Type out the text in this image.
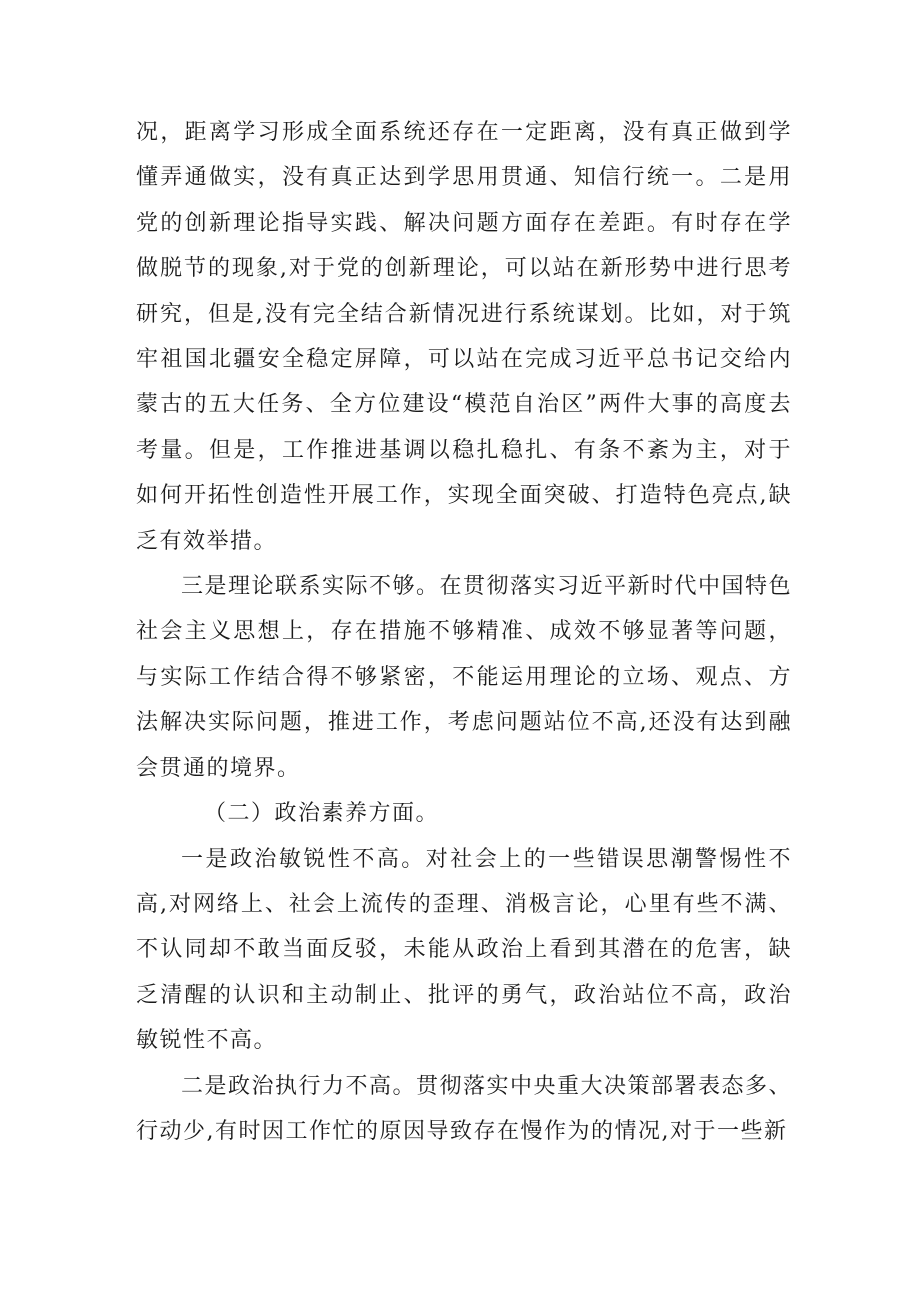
况，距离学习形成全面系统还存在一定距离，没有真正做到学懂弄通做实，没有真正达到学思用贯通、知信行统一。二是用党的创新理论指导实践、解决问题方面存在差距。有时存在学做脱节的现象,对于党的创新理论，可以站在新形势中进行思考研究，但是,没有完全结合新情况进行系统谋划。比如，对于筑牢祖国北疆安全稳定屏障，可以站在完成习近平总书记交给内蒙古的五大任务、全方位建设“模范自治区”两件大事的高度去考量。但是，工作推进基调以稳扎稳扎、有条不紊为主，对于如何开拓性创造性开展工作，实现全面突破、打造特色亮点,缺乏有效举措。

三是理论联系实际不够。在贯彻落实习近平新时代中国特色社会主义思想上，存在措施不够精准、成效不够显著等问题，与实际工作结合得不够紧密，不能运用理论的立场、观点、方法解决实际问题，推进工作，考虑问题站位不高,还没有达到融会贯通的境界。

（二）政治素养方面。

一是政治敏锐性不高。对社会上的一些错误思潮警惕性不高,对网络上、社会上流传的歪理、消极言论，心里有些不满、不认同却不敢当面反驳，未能从政治上看到其潜在的危害，缺乏清醒的认识和主动制止、批评的勇气，政治站位不高，政治敏锐性不高。

二是政治执行力不高。贯彻落实中央重大决策部署表态多、行动少,有时因工作忙的原因导致存在慢作为的情况,对于一些新
